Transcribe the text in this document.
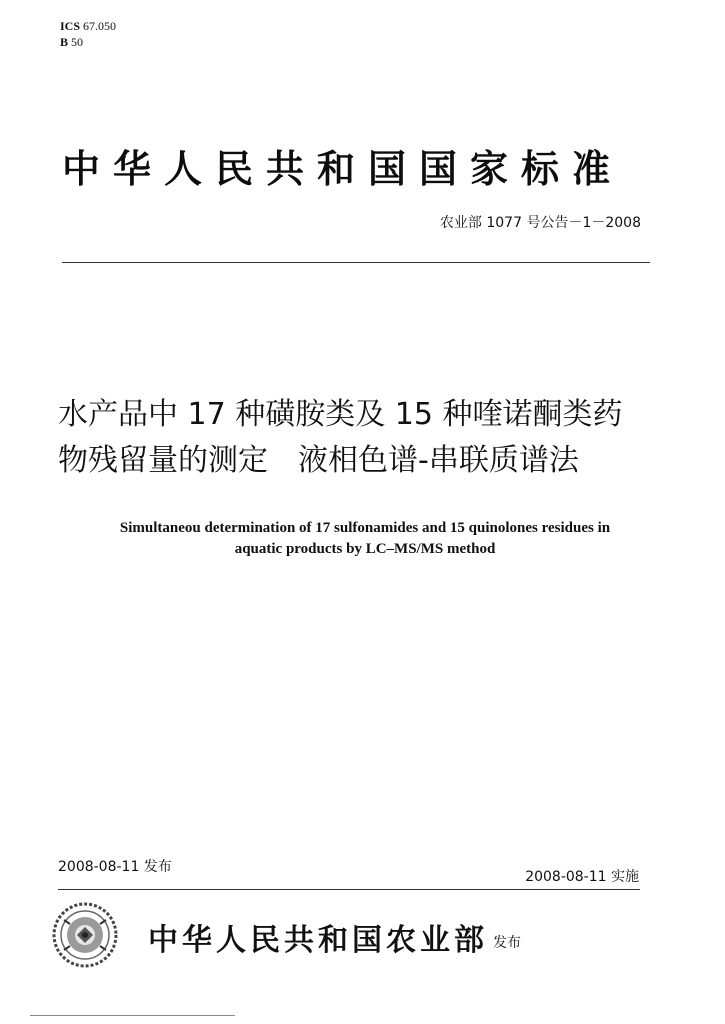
ICS 67.050
B 50
中华人民共和国国家标准
农业部 1077 号公告－1－2008
水产品中 17 种磺胺类及 15 种喹诺酮类药
物残留量的测定　液相色谱-串联质谱法
Simultaneou determination of 17 sulfonamides and 15 quinolones residues in
aquatic products by LC–MS/MS method
2008-08-11 发布
2008-08-11 实施
中华人民共和国农业部 发布
